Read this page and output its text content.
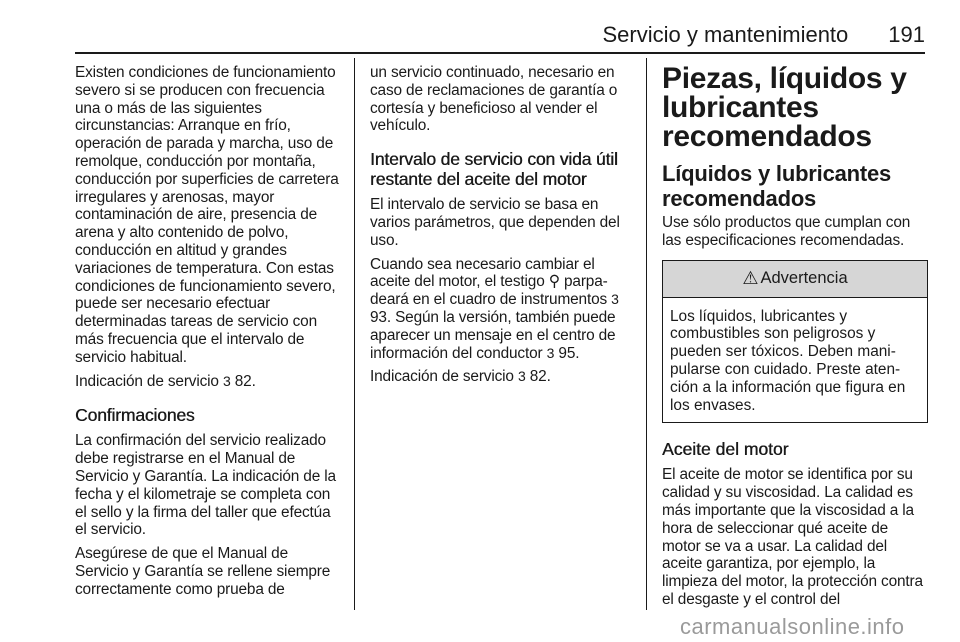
Servicio y mantenimiento 191

Existen condiciones de funcionamiento severo si se producen con frecuencia una o más de las siguientes circunstancias: Arranque en frío, operación de parada y marcha, uso de remolque, conducción por montaña, conducción por superficies de carretera irregulares y arenosas, mayor contaminación de aire, presencia de arena y alto contenido de polvo, conducción en altitud y grandes variaciones de temperatura. Con estas condiciones de funcionamiento severo, puede ser necesario efectuar determinadas tareas de servicio con más frecuencia que el intervalo de servicio habitual.

Indicación de servicio 3 82.

Confirmaciones

La confirmación del servicio realizado debe registrarse en el Manual de Servicio y Garantía. La indicación de la fecha y el kilometraje se completa con el sello y la firma del taller que efectúa el servicio.

Asegúrese de que el Manual de Servicio y Garantía se rellene siempre correctamente como prueba de

un servicio continuado, necesario en caso de reclamaciones de garantía o cortesía y beneficioso al vender el vehículo.

Intervalo de servicio con vida útil restante del aceite del motor

El intervalo de servicio se basa en varios parámetros, que dependen del uso.

Cuando sea necesario cambiar el aceite del motor, el testigo ⚲ parpadeará en el cuadro de instrumentos 3 93. Según la versión, también puede aparecer un mensaje en el centro de información del conductor 3 95.

Indicación de servicio 3 82.

Piezas, líquidos y lubricantes recomendados
Líquidos y lubricantes recomendados

Use sólo productos que cumplan con las especificaciones recomendadas.

⚠ Advertencia
Los líquidos, lubricantes y combustibles son peligrosos y pueden ser tóxicos. Deben manipularse con cuidado. Preste atención a la información que figura en los envases.
Aceite del motor

El aceite de motor se identifica por su calidad y su viscosidad. La calidad es más importante que la viscosidad a la hora de seleccionar qué aceite de motor se va a usar. La calidad del aceite garantiza, por ejemplo, la limpieza del motor, la protección contra el desgaste y el control del

carmanualsonline.info
